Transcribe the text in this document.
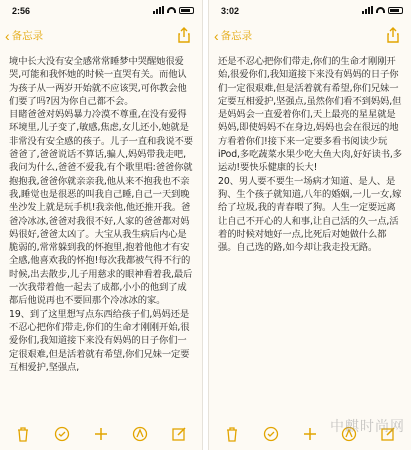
2:56
‹ 备忘录

境中长大没有安全感常常睡梦中哭醒她很爱哭,可能和我怀她的时候一直哭有关。而他认为孩子从一两岁开始就不应该哭,可你教会他们要了吗?因为你自己都不会。

目睹爸爸对妈妈暴力冷漠不尊重,在没有爱得环境里,儿子变了,敏感,焦虑,女儿还小,她就是非常没有安全感的孩子。儿子一直和我说不要爸爸了,爸爸说话不算话,骗人,妈妈带我走吧,我问为什么,爸爸不爱我,有个歌里唱:爸爸你就抱抱我,爸爸你就亲亲我,他从来不抱我也不亲我,睡觉也是很恶的叫我自己睡,自己一天到晚坐沙发上就是玩手机!我亲他,他还推开我。爸爸冷冰冰,爸爸对我很不好,人家的爸爸都对妈妈很好,爸爸太凶了。大宝从我生病后内心是脆弱的,常常躲到我的怀抱里,抱着他他才有安全感,他喜欢我的怀抱!每次我都被气得不行的时候,出去散步,儿子用慈求的眼神看着我,最后一次我带着他一起去了成都,小小的他到了成都后他说再也不要回那个冷冰冰的家。

19、到了这里想写点东西给孩子们,妈妈还是不忍心把你们带走,你们的生命才刚刚开始,很爱你们,我知道接下来没有妈妈的日子你们一定很艰难,但是活着就有希望,你们兄妹一定要互相爱护,坚强点,

3:02
‹ 备忘录

还是不忍心把你们带走,你们的生命才刚刚开始,很爱你们,我知道接下来没有妈妈的日子你们一定很艰难,但是活着就有希望,你们兄妹一定要互相爱护,坚强点,虽然你们看不到妈妈,但是妈妈会一直爱着你们,天上最亮的星星就是妈妈,即使妈妈不在身边,妈妈也会在很远的地方看着你们!接下来一定要多看书阅读少玩iPod,多吃蔬菜水果少吃大鱼大肉,好好读书,多运动!要快乐健康的长大!

20、男人要不要生一场病才知道、是人、是狗、生个孩子就知道,八年的婚姻,一儿一女,嫁给了垃圾,我的青春喂了狗。人生一定要远离让自己不开心的人和事,让自己活的久一点,活着的时候对她好一点,比死后对她做什么都强。自己选的路,如今却让我走投无路。

中麒时尚网
